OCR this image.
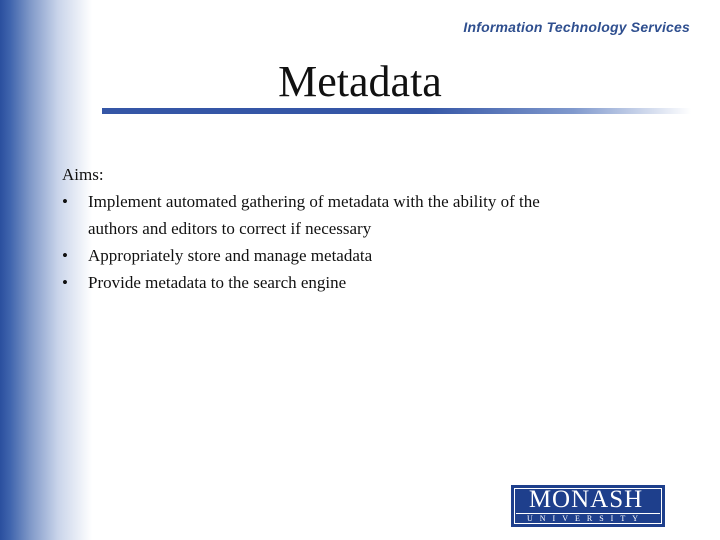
Information Technology Services
Metadata
Aims:
• Implement automated gathering of metadata with the ability of the
authors and editors to correct if necessary
• Appropriately store and manage metadata
• Provide metadata to the search engine
MONASH
UNIVERSITY
